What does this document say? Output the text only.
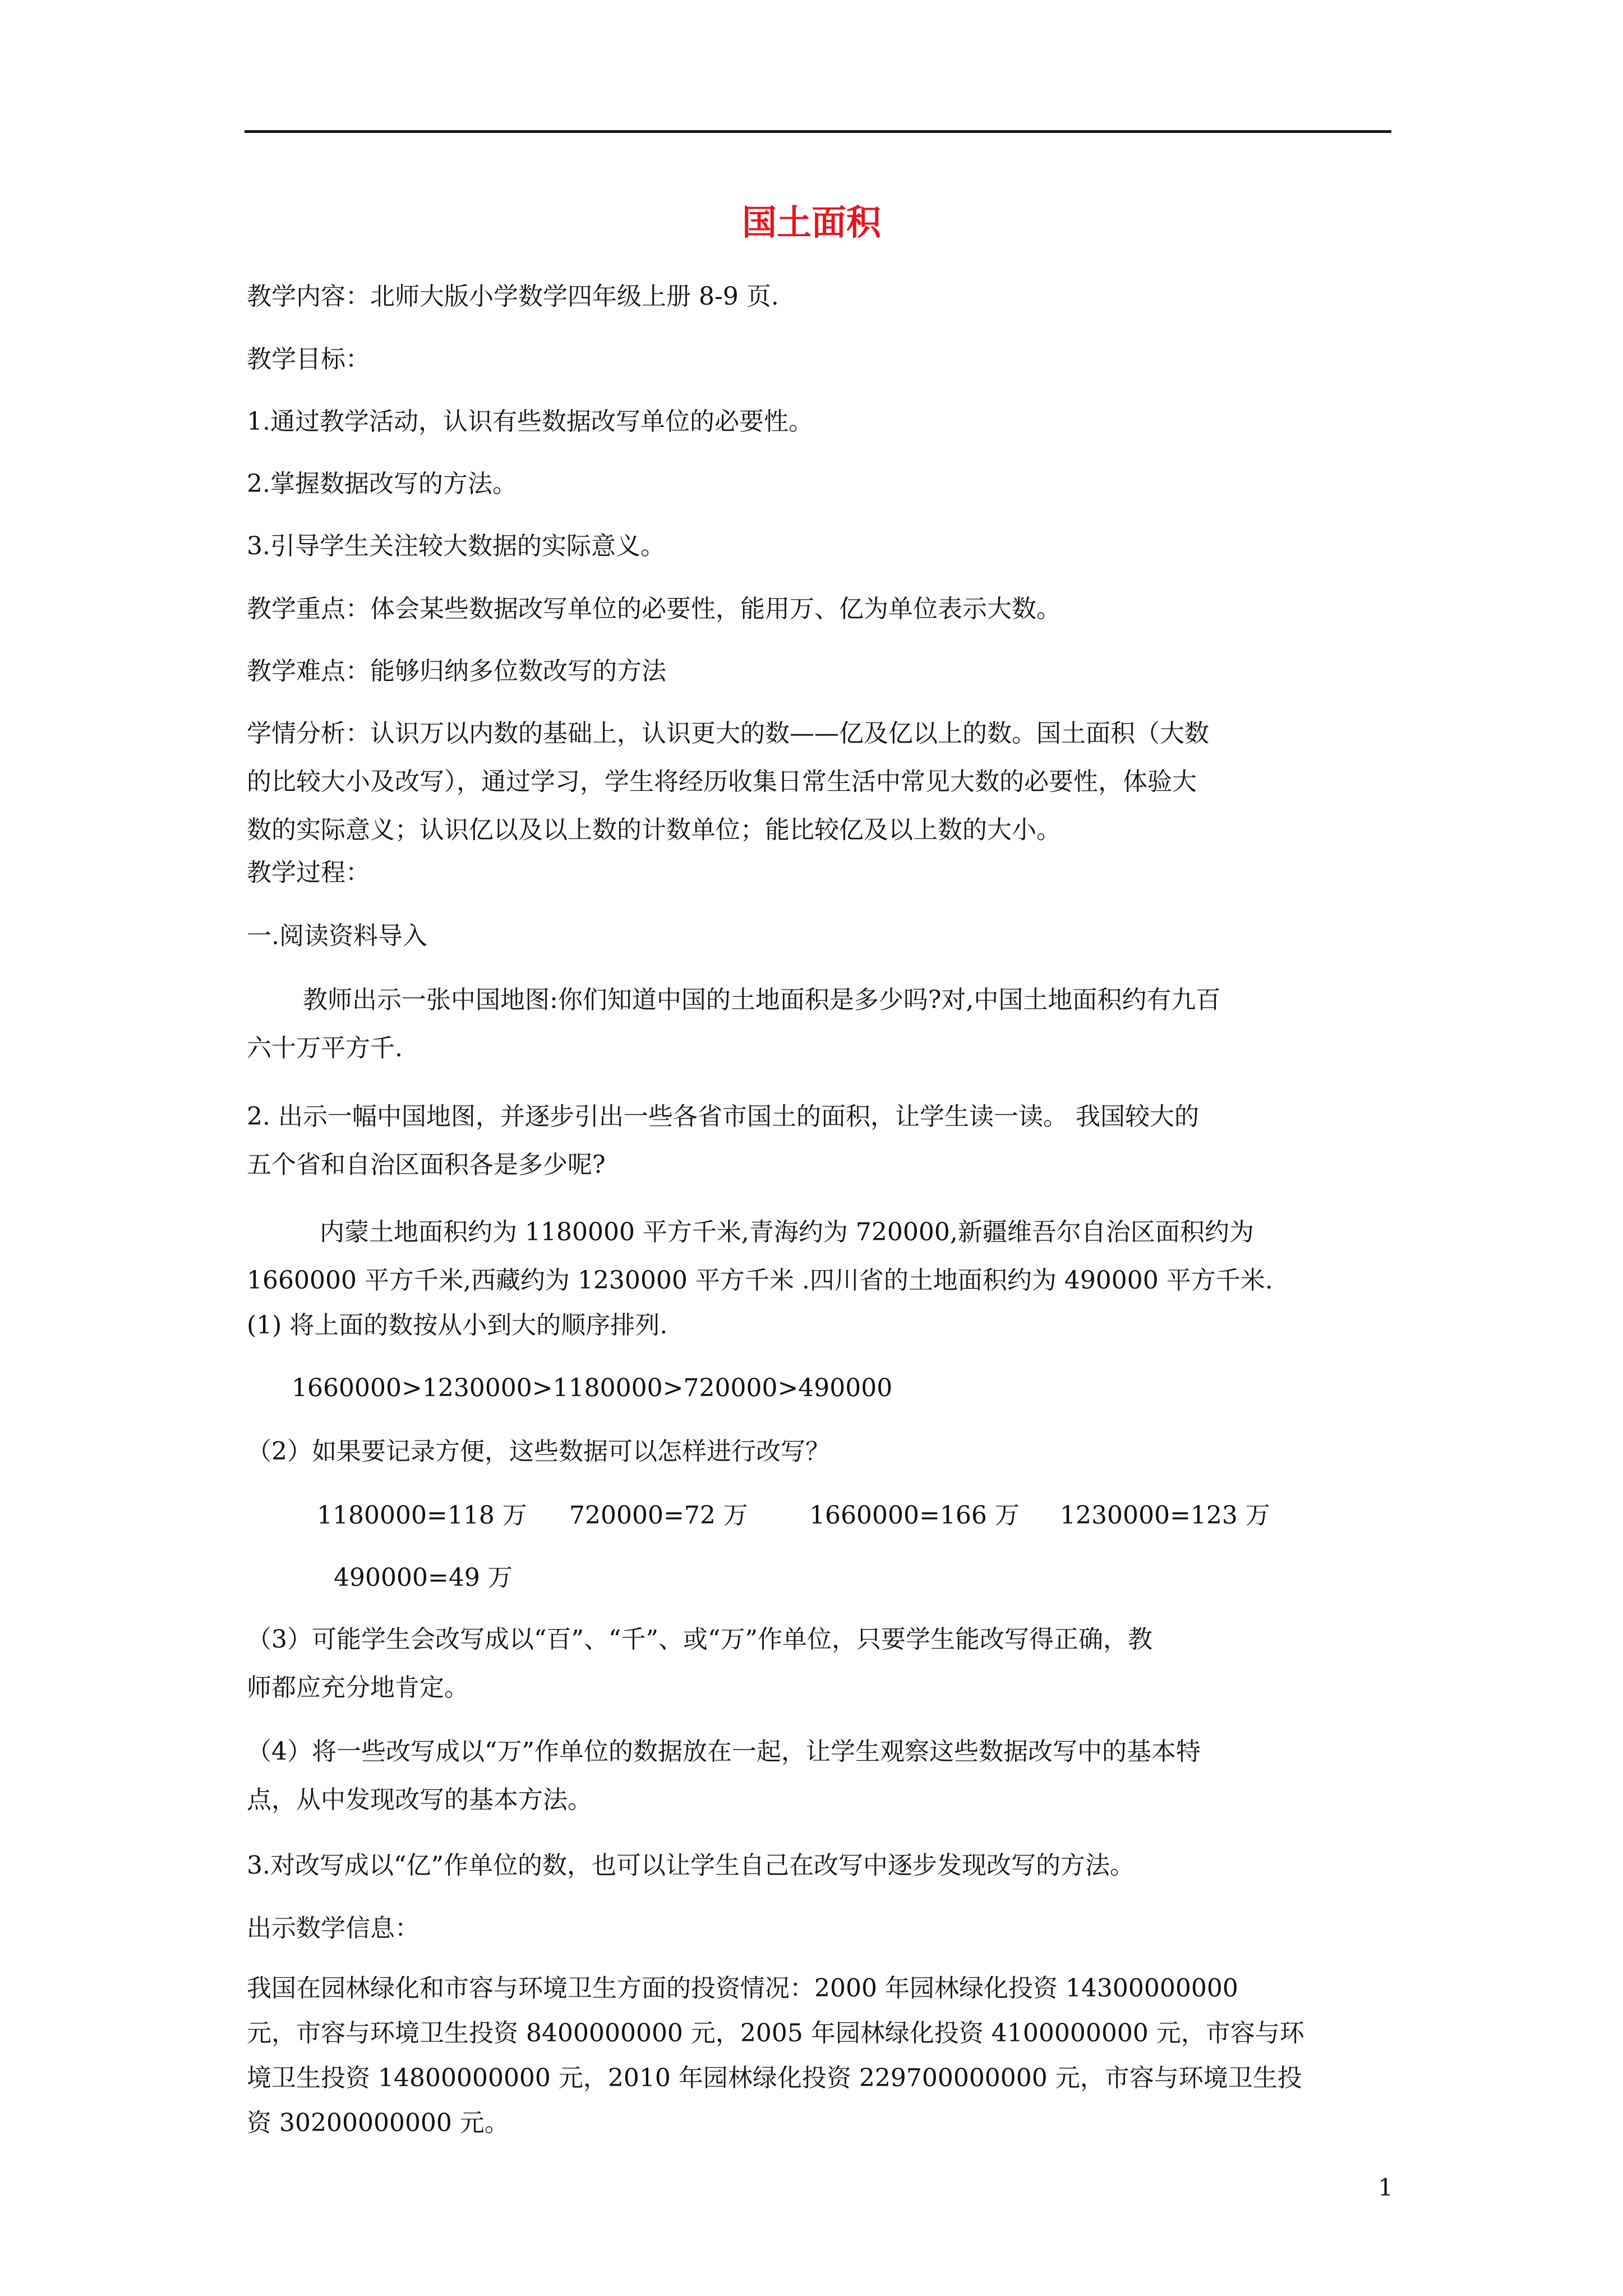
国土面积

教学内容：北师大版小学数学四年级上册 8-9 页.

教学目标：

1.通过教学活动，认识有些数据改写单位的必要性。

2.掌握数据改写的方法。

3.引导学生关注较大数据的实际意义。

教学重点：体会某些数据改写单位的必要性，能用万、亿为单位表示大数。

教学难点：能够归纳多位数改写的方法

学情分析：认识万以内数的基础上，认识更大的数——亿及亿以上的数。国土面积（大数
的比较大小及改写），通过学习，学生将经历收集日常生活中常见大数的必要性，体验大
数的实际意义；认识亿以及以上数的计数单位；能比较亿及以上数的大小。

教学过程：

一.阅读资料导入

教师出示一张中国地图:你们知道中国的土地面积是多少吗?对,中国土地面积约有九百
六十万平方千.
2. 出示一幅中国地图，并逐步引出一些各省市国土的面积，让学生读一读。 我国较大的
五个省和自治区面积各是多少呢?
内蒙土地面积约为 1180000 平方千米,青海约为 720000,新疆维吾尔自治区面积约为
1660000 平方千米,西藏约为 1230000 平方千米 .四川省的土地面积约为 490000 平方千米.

(1) 将上面的数按从小到大的顺序排列.

1660000>1230000>1180000>720000>490000

（2）如果要记录方便，这些数据可以怎样进行改写？

1180000=118 万 720000=72 万 1660000=166 万 1230000=123 万
490000=49 万
（3）可能学生会改写成以“百”、“千”、或“万”作单位，只要学生能改写得正确，教
师都应充分地肯定。
（4）将一些改写成以“万”作单位的数据放在一起，让学生观察这些数据改写中的基本特
点，从中发现改写的基本方法。

3.对改写成以“亿”作单位的数，也可以让学生自己在改写中逐步发现改写的方法。

出示数学信息：

我国在园林绿化和市容与环境卫生方面的投资情况：2000 年园林绿化投资 14300000000
元，市容与环境卫生投资 8400000000 元，2005 年园林绿化投资 4100000000 元，市容与环
境卫生投资 14800000000 元，2010 年园林绿化投资 229700000000 元，市容与环境卫生投
资 30200000000 元。
1
